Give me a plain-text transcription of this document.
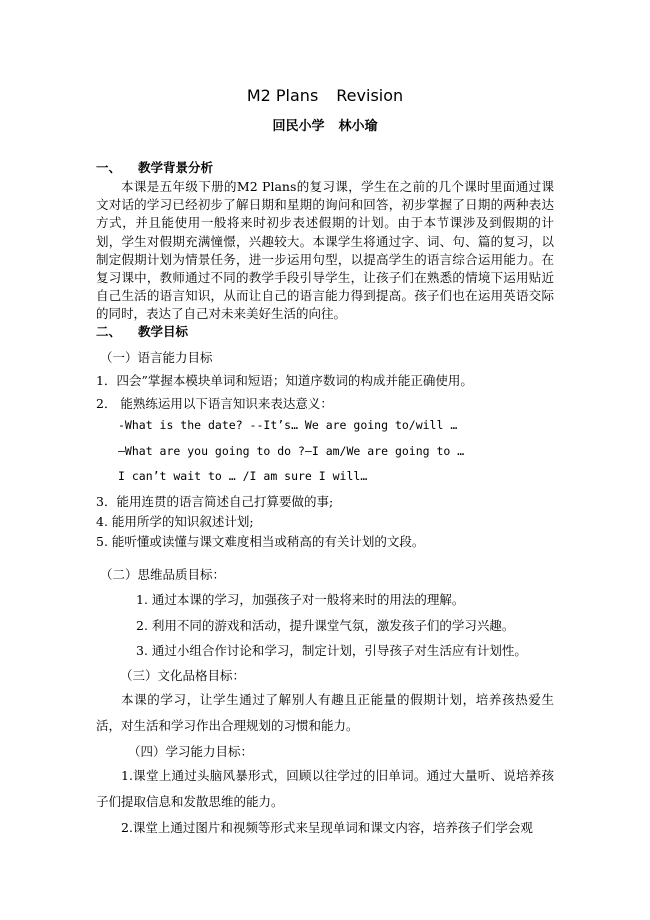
M2 Plans Revision
回民小学 林小瑜
一、 教学背景分析

本课是五年级下册的M2 Plans的复习课，学生在之前的几个课时里面通过课文对话的学习已经初步了解日期和星期的询问和回答，初步掌握了日期的两种表达方式，并且能使用一般将来时初步表述假期的计划。由于本节课涉及到假期的计划，学生对假期充满憧憬，兴趣较大。本课学生将通过字、词、句、篇的复习，以制定假期计划为情景任务，进一步运用句型，以提高学生的语言综合运用能力。在复习课中，教师通过不同的教学手段引导学生，让孩子们在熟悉的情境下运用贴近自己生活的语言知识，从而让自己的语言能力得到提高。孩子们也在运用英语交际的同时，表达了自己对未来美好生活的向往。

二、 教学目标
（一）语言能力目标
1．四会”掌握本模块单词和短语；知道序数词的构成并能正确使用。
2． 能熟练运用以下语言知识来表达意义：
-What is the date? --It’s… We are going to/will …
—What are you going to do ?—I am/We are going to …
I can’t wait to … /I am sure I will…
3．能用连贯的语言简述自己打算要做的事;
4. 能用所学的知识叙述计划;
5. 能听懂或读懂与课文难度相当或稍高的有关计划的文段。
（二）思维品质目标：
1. 通过本课的学习，加强孩子对一般将来时的用法的理解。
2. 利用不同的游戏和活动，提升课堂气氛，激发孩子们的学习兴趣。
3. 通过小组合作讨论和学习，制定计划，引导孩子对生活应有计划性。
（三）文化品格目标：

本课的学习，让学生通过了解别人有趣且正能量的假期计划，培养孩热爱生活，对生活和学习作出合理规划的习惯和能力。

（四）学习能力目标：

1.课堂上通过头脑风暴形式，回顾以往学过的旧单词。通过大量听、说培养孩子们提取信息和发散思维的能力。

2.课堂上通过图片和视频等形式来呈现单词和课文内容，培养孩子们学会观
